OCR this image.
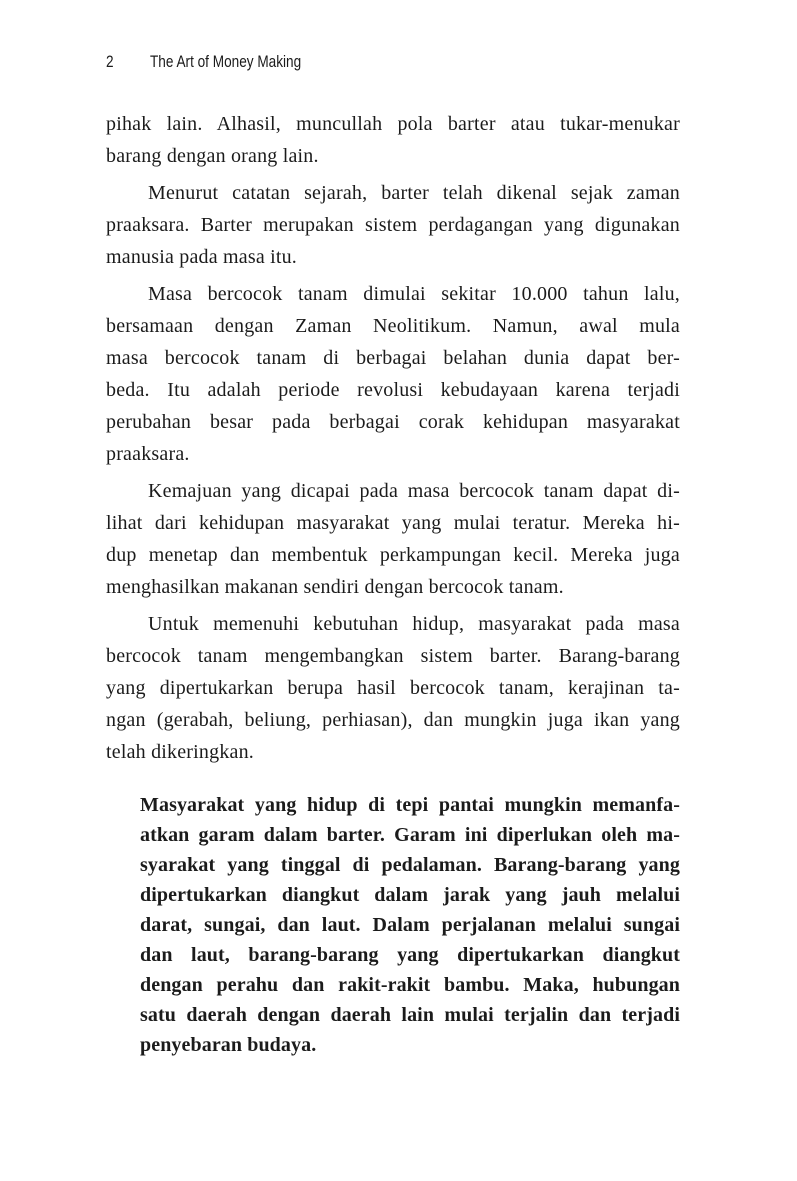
2 The Art of Money Making
pihak lain. Alhasil, muncullah pola barter atau tukar-menukar
barang dengan orang lain.
Menurut catatan sejarah, barter telah dikenal sejak zaman
praaksara. Barter merupakan sistem perdagangan yang digunakan
manusia pada masa itu.
Masa bercocok tanam dimulai sekitar 10.000 tahun lalu,
bersamaan dengan Zaman Neolitikum. Namun, awal mula
masa bercocok tanam di berbagai belahan dunia dapat ber-
beda. Itu adalah periode revolusi kebudayaan karena terjadi
perubahan besar pada berbagai corak kehidupan masyarakat
praaksara.
Kemajuan yang dicapai pada masa bercocok tanam dapat di-
lihat dari kehidupan masyarakat yang mulai teratur. Mereka hi-
dup menetap dan membentuk perkampungan kecil. Mereka juga
menghasilkan makanan sendiri dengan bercocok tanam.
Untuk memenuhi kebutuhan hidup, masyarakat pada masa
bercocok tanam mengembangkan sistem barter. Barang-barang
yang dipertukarkan berupa hasil bercocok tanam, kerajinan ta-
ngan (gerabah, beliung, perhiasan), dan mungkin juga ikan yang
telah dikeringkan.
Masyarakat yang hidup di tepi pantai mungkin memanfa-
atkan garam dalam barter. Garam ini diperlukan oleh ma-
syarakat yang tinggal di pedalaman. Barang-barang yang
dipertukarkan diangkut dalam jarak yang jauh melalui
darat, sungai, dan laut. Dalam perjalanan melalui sungai
dan laut, barang-barang yang dipertukarkan diangkut
dengan perahu dan rakit-rakit bambu. Maka, hubungan
satu daerah dengan daerah lain mulai terjalin dan terjadi
penyebaran budaya.
